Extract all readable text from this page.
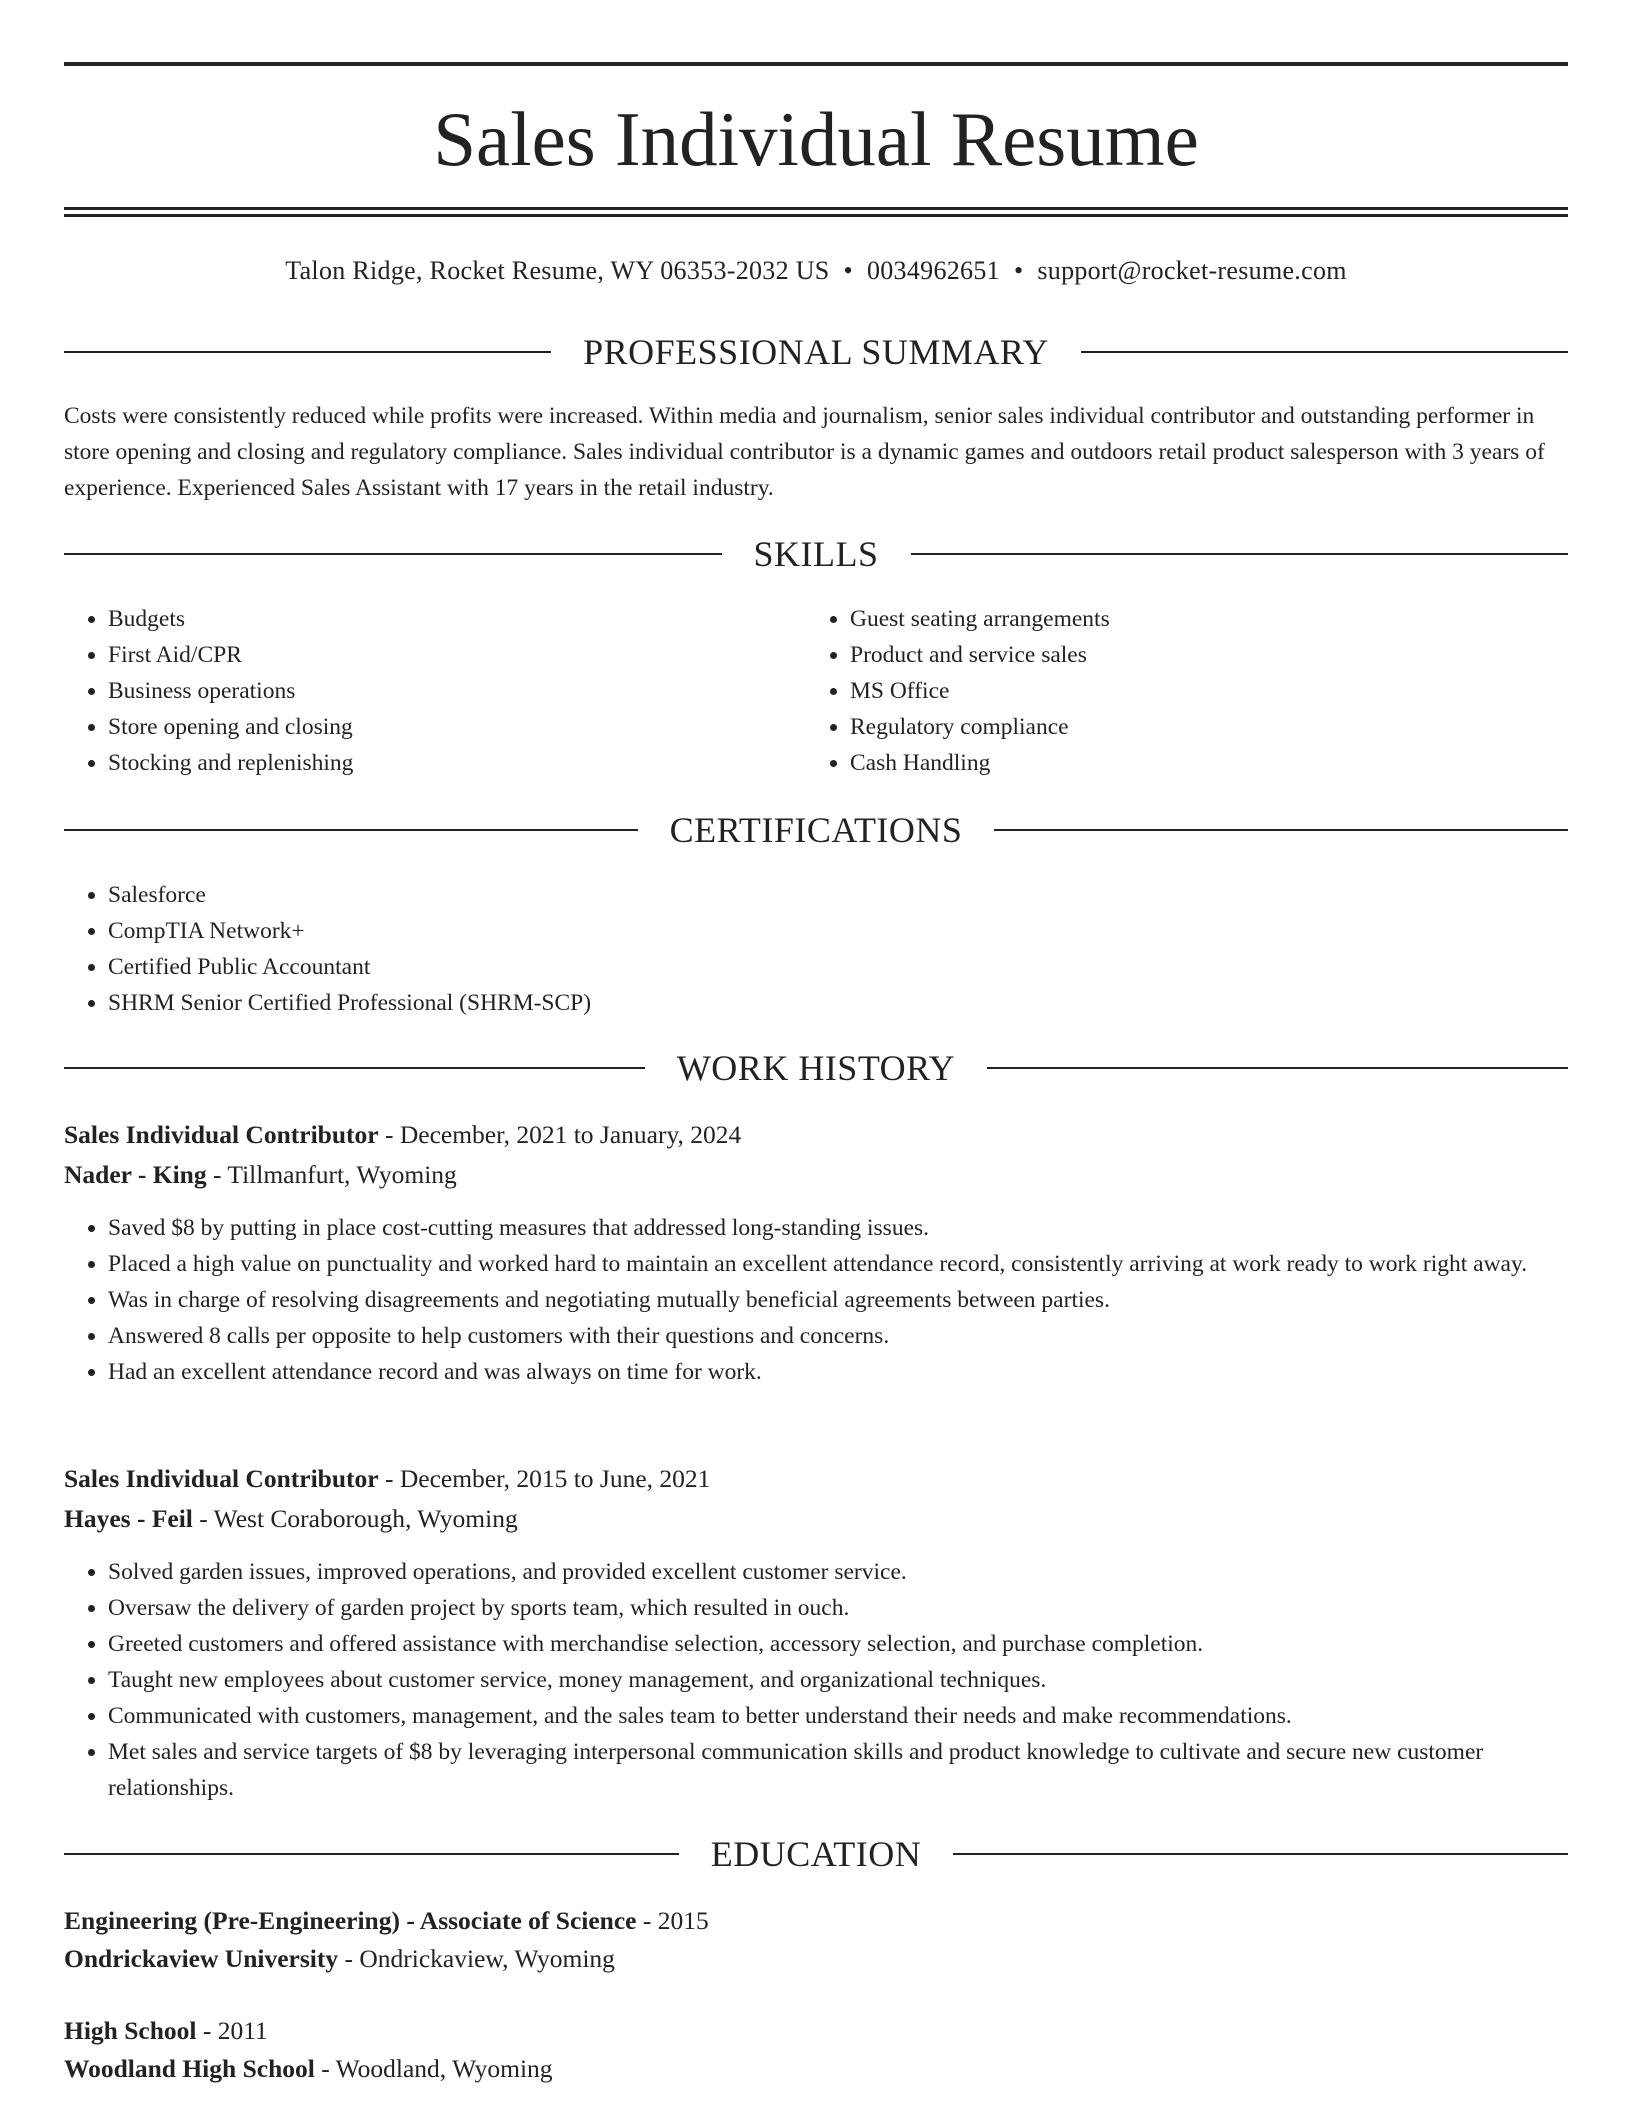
Sales Individual Resume
Talon Ridge, Rocket Resume, WY 06353-2032 US • 0034962651 • support@rocket-resume.com
PROFESSIONAL SUMMARY

Costs were consistently reduced while profits were increased. Within media and journalism, senior sales individual contributor and outstanding performer in store opening and closing and regulatory compliance. Sales individual contributor is a dynamic games and outdoors retail product salesperson with 3 years of experience. Experienced Sales Assistant with 17 years in the retail industry.

SKILLS
• Budgets
• First Aid/CPR
• Business operations
• Store opening and closing
• Stocking and replenishing
• Guest seating arrangements
• Product and service sales
• MS Office
• Regulatory compliance
• Cash Handling
CERTIFICATIONS
• Salesforce
• CompTIA Network+
• Certified Public Accountant
• SHRM Senior Certified Professional (SHRM-SCP)
WORK HISTORY
Sales Individual Contributor - December, 2021 to January, 2024
Nader - King - Tillmanfurt, Wyoming
• Saved $8 by putting in place cost-cutting measures that addressed long-standing issues.
• Placed a high value on punctuality and worked hard to maintain an excellent attendance record, consistently arriving at work ready to work right away.
• Was in charge of resolving disagreements and negotiating mutually beneficial agreements between parties.
• Answered 8 calls per opposite to help customers with their questions and concerns.
• Had an excellent attendance record and was always on time for work.
Sales Individual Contributor - December, 2015 to June, 2021
Hayes - Feil - West Coraborough, Wyoming
• Solved garden issues, improved operations, and provided excellent customer service.
• Oversaw the delivery of garden project by sports team, which resulted in ouch.
• Greeted customers and offered assistance with merchandise selection, accessory selection, and purchase completion.
• Taught new employees about customer service, money management, and organizational techniques.
• Communicated with customers, management, and the sales team to better understand their needs and make recommendations.
• Met sales and service targets of $8 by leveraging interpersonal communication skills and product knowledge to cultivate and secure new customer relationships.
EDUCATION
Engineering (Pre-Engineering) - Associate of Science - 2015
Ondrickaview University - Ondrickaview, Wyoming
High School - 2011
Woodland High School - Woodland, Wyoming
